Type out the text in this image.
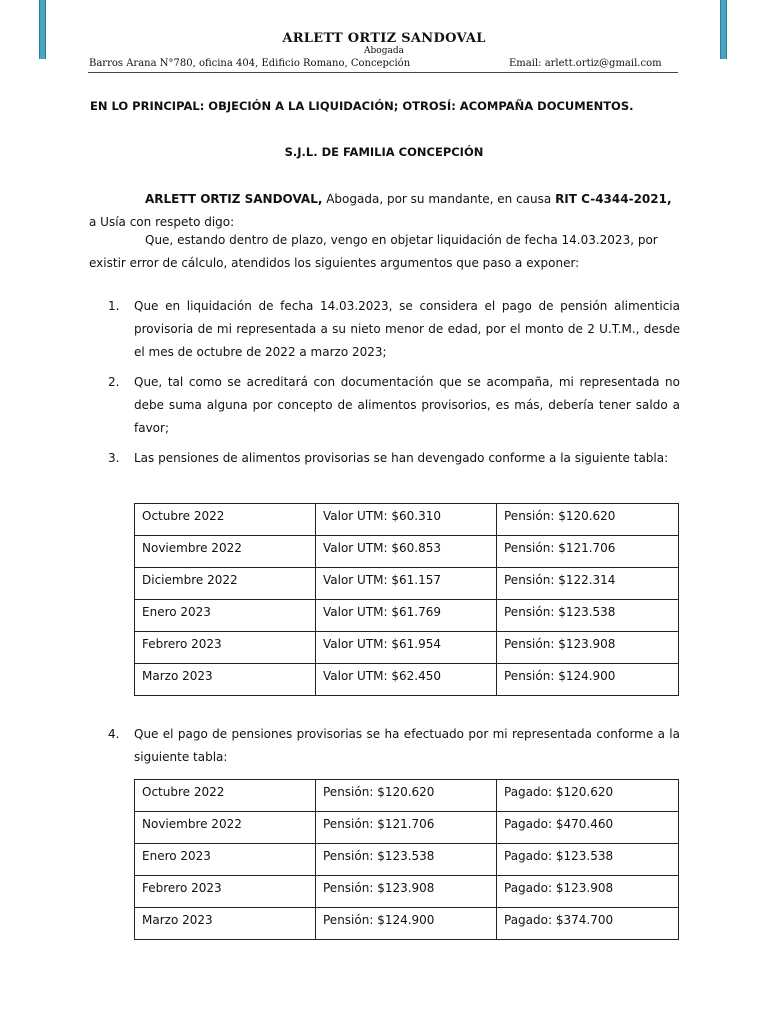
ARLETT ORTIZ SANDOVAL
Abogada
Barros Arana N°780, oficina 404, Edificio Romano, Concepción	Email: arlett.ortiz@gmail.com
EN LO PRINCIPAL: OBJECIÓN A LA LIQUIDACIÓN; OTROSÍ: ACOMPAÑA DOCUMENTOS.
S.J.L. DE FAMILIA CONCEPCIÓN
ARLETT ORTIZ SANDOVAL, Abogada, por su mandante, en causa RIT C-4344-2021,
a Usía con respeto digo:
Que, estando dentro de plazo, vengo en objetar liquidación de fecha 14.03.2023, por existir error de cálculo, atendidos los siguientes argumentos que paso a exponer:
1.	Que en liquidación de fecha 14.03.2023, se considera el pago de pensión alimenticia provisoria de mi representada a su nieto menor de edad, por el monto de 2 U.T.M., desde el mes de octubre de 2022 a marzo 2023;
2.	Que, tal como se acreditará con documentación que se acompaña, mi representada no debe suma alguna por concepto de alimentos provisorios, es más, debería tener saldo a favor;
3.	Las pensiones de alimentos provisorias se han devengado conforme a la siguiente tabla:
Octubre 2022	Valor UTM: $60.310	Pensión: $120.620
Noviembre 2022	Valor UTM: $60.853	Pensión: $121.706
Diciembre 2022	Valor UTM: $61.157	Pensión: $122.314
Enero 2023	Valor UTM: $61.769	Pensión: $123.538
Febrero 2023	Valor UTM: $61.954	Pensión: $123.908
Marzo 2023	Valor UTM: $62.450	Pensión: $124.900
4.	Que el pago de pensiones provisorias se ha efectuado por mi representada conforme a la siguiente tabla:
Octubre 2022	Pensión: $120.620	Pagado: $120.620
Noviembre 2022	Pensión: $121.706	Pagado: $470.460
Enero 2023	Pensión: $123.538	Pagado: $123.538
Febrero 2023	Pensión: $123.908	Pagado: $123.908
Marzo 2023	Pensión: $124.900	Pagado: $374.700
